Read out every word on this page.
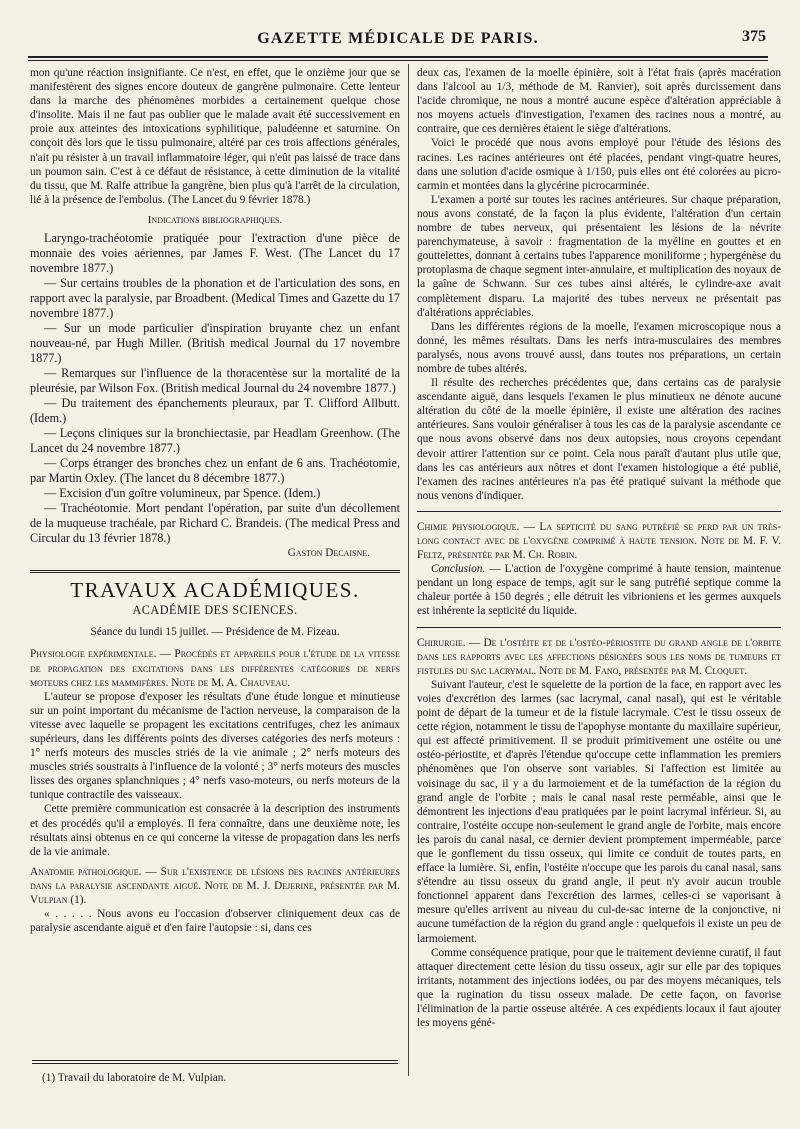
GAZETTE MÉDICALE DE PARIS.	375

mon qu'une réaction insignifiante. Ce n'est, en effet, que le onzième jour que se manifestèrent des signes encore douteux de gangrène pulmonaire. Cette lenteur dans la marche des phénomènes morbides a certainement quelque chose d'insolite. Mais il ne faut pas oublier que le malade avait été successivement en proie aux atteintes des intoxications syphilitique, paludéenne et saturnine. On conçoit dès lors que le tissu pulmonaire, altéré par ces trois affections générales, n'ait pu résister à un travail inflammatoire léger, qui n'eût pas laissé de trace dans un poumon sain. C'est à ce défaut de résistance, à cette diminution de la vitalité du tissu, que M. Ralfe attribue la gangrène, bien plus qu'à l'arrêt de la circulation, lié à la présence de l'embolus. (The Lancet du 9 février 1878.)

Indications bibliographiques.

Laryngo-trachéotomie pratiquée pour l'extraction d'une pièce de monnaie des voies aériennes, par James F. West. (The Lancet du 17 novembre 1877.)

— Sur certains troubles de la phonation et de l'articulation des sons, en rapport avec la paralysie, par Broadbent. (Medical Times and Gazette du 17 novembre 1877.)

— Sur un mode particulier d'inspiration bruyante chez un enfant nouveau-né, par Hugh Miller. (British medical Journal du 17 novembre 1877.)

— Remarques sur l'influence de la thoracentèse sur la mortalité de la pleurésie, par Wilson Fox. (British medical Journal du 24 novembre 1877.)

— Du traitement des épanchements pleuraux, par T. Clifford Allbutt. (Idem.)

— Leçons cliniques sur la bronchiectasie, par Headlam Greenhow. (The Lancet du 24 novembre 1877.)

— Corps étranger des bronches chez un enfant de 6 ans. Trachéotomie, par Martin Oxley. (The lancet du 8 décembre 1877.)

— Excision d'un goître volumineux, par Spence. (Idem.)

— Trachéotomie. Mort pendant l'opération, par suite d'un décollement de la muqueuse trachéale, par Richard C. Brandeis. (The medical Press and Circular du 13 février 1878.)

Gaston Decaisne.
TRAVAUX ACADÉMIQUES.
ACADÉMIE DES SCIENCES.
Séance du lundi 15 juillet. — Présidence de M. Fizeau.

Physiologie expérimentale. — Procédés et appareils pour l'étude de la vitesse de propagation des excitations dans les différentes catégories de nerfs moteurs chez les mammifères. Note de M. A. Chauveau.

L'auteur se propose d'exposer les résultats d'une étude longue et minutieuse sur un point important du mécanisme de l'action nerveuse, la comparaison de la vitesse avec laquelle se propagent les excitations centrifuges, chez les animaux supérieurs, dans les différents points des diverses catégories des nerfs moteurs : 1° nerfs moteurs des muscles striés de la vie animale ; 2° nerfs moteurs des muscles striés soustraits à l'influence de la volonté ; 3° nerfs moteurs des muscles lisses des organes splanchniques ; 4° nerfs vaso-moteurs, ou nerfs moteurs de la tunique contractile des vaisseaux.

Cette première communication est consacrée à la description des instruments et des procédés qu'il a employés. Il fera connaître, dans une deuxième note, les résultats ainsi obtenus en ce qui concerne la vitesse de propagation dans les nerfs de la vie animale.

Anatomie pathologique. — Sur l'existence de lésions des racines antérieures dans la paralysie ascendante aiguë. Note de M. J. Dejerine, présentée par M. Vulpian (1).

« . . . . . Nous avons eu l'occasion d'observer cliniquement deux cas de paralysie ascendante aiguë et d'en faire l'autopsie : si, dans ces

(1) Travail du laboratoire de M. Vulpian.

deux cas, l'examen de la moelle épinière, soit à l'état frais (après macération dans l'alcool au 1/3, méthode de M. Ranvier), soit après durcissement dans l'acide chromique, ne nous a montré aucune espèce d'altération appréciable à nos moyens actuels d'investigation, l'examen des racines nous a montré, au contraire, que ces dernières étaient le siège d'altérations.

Voici le procédé que nous avons employé pour l'étude des lésions des racines. Les racines antérieures ont été placées, pendant vingt-quatre heures, dans une solution d'acide osmique à 1/150, puis elles ont été colorées au picro-carmin et montées dans la glycérine picrocarminée.

L'examen a porté sur toutes les racines antérieures. Sur chaque préparation, nous avons constaté, de la façon la plus évidente, l'altération d'un certain nombre de tubes nerveux, qui présentaient les lésions de la névrite parenchymateuse, à savoir : fragmentation de la myéline en gouttes et en gouttelettes, donnant à certains tubes l'apparence moniliforme ; hypergénèse du protoplasma de chaque segment inter-annulaire, et multiplication des noyaux de la gaîne de Schwann. Sur ces tubes ainsi altérés, le cylindre-axe avait complètement disparu. La majorité des tubes nerveux ne présentait pas d'altérations appréciables.

Dans les différentes régions de la moelle, l'examen microscopique nous a donné, les mêmes résultats. Dans les nerfs intra-musculaires des membres paralysés, nous avons trouvé aussi, dans toutes nos préparations, un certain nombre de tubes altérés.

Il résulte des recherches précédentes que, dans certains cas de paralysie ascendante aiguë, dans lesquels l'examen le plus minutieux ne dénote aucune altération du côté de la moelle épinière, il existe une altération des racines antérieures. Sans vouloir généraliser à tous les cas de la paralysie ascendante ce que nous avons observé dans nos deux autopsies, nous croyons cependant devoir attirer l'attention sur ce point. Cela nous paraît d'autant plus utile que, dans les cas antérieurs aux nôtres et dont l'examen histologique a été publié, l'examen des racines antérieures n'a pas été pratiqué suivant la méthode que nous venons d'indiquer.

Chimie physiologique. — La septicité du sang putréfié se perd par un très-long contact avec de l'oxygène comprimé à haute tension. Note de M. F. V. Feltz, présentée par M. Ch. Robin.

Conclusion. — L'action de l'oxygène comprimé à haute tension, maintenue pendant un long espace de temps, agit sur le sang putréfié septique comme la chaleur portée à 150 degrés ; elle détruit les vibrioniens et les germes auxquels est inhérente la septicité du liquide.

Chirurgie. — De l'ostéite et de l'ostéo-périostite du grand angle de l'orbite dans les rapports avec les affections désignées sous les noms de tumeurs et fistules du sac lacrymal. Note de M. Fano, présentée par M. Cloquet.

Suivant l'auteur, c'est le squelette de la portion de la face, en rapport avec les voies d'excrétion des larmes (sac lacrymal, canal nasal), qui est le véritable point de départ de la tumeur et de la fistule lacrymale. C'est le tissu osseux de cette région, notamment le tissu de l'apophyse montante du maxillaire supérieur, qui est affecté primitivement. Il se produit primitivement une ostéite ou une ostéo-périostite, et d'après l'étendue qu'occupe cette inflammation les premiers phénomènes que l'on observe sont variables. Si l'affection est limitée au voisinage du sac, il y a du larmoiement et de la tuméfaction de la région du grand angle de l'orbite ; mais le canal nasal reste perméable, ainsi que le démontrent les injections d'eau pratiquées par le point lacrymal inférieur. Si, au contraire, l'ostéite occupe non-seulement le grand angle de l'orbite, mais encore les parois du canal nasal, ce dernier devient promptement imperméable, parce que le gonflement du tissu osseux, qui limite ce conduit de toutes parts, en efface la lumière. Si, enfin, l'ostéite n'occupe que les parois du canal nasal, sans s'étendre au tissu osseux du grand angle, il peut n'y avoir aucun trouble fonctionnel apparent dans l'excrétion des larmes, celles-ci se vaporisant à mesure qu'elles arrivent au niveau du cul-de-sac interne de la conjonctive, ni aucune tuméfaction de la région du grand angle : quelquefois il existe un peu de larmoiement.

Comme conséquence pratique, pour que le traitement devienne curatif, il faut attaquer directement cette lésion du tissu osseux, agir sur elle par des topiques irritants, notamment des injections iodées, ou par des moyens mécaniques, tels que la rugination du tissu osseux malade. De cette façon, on favorise l'élimination de la partie osseuse altérée. A ces expédients locaux il faut ajouter les moyens géné-
